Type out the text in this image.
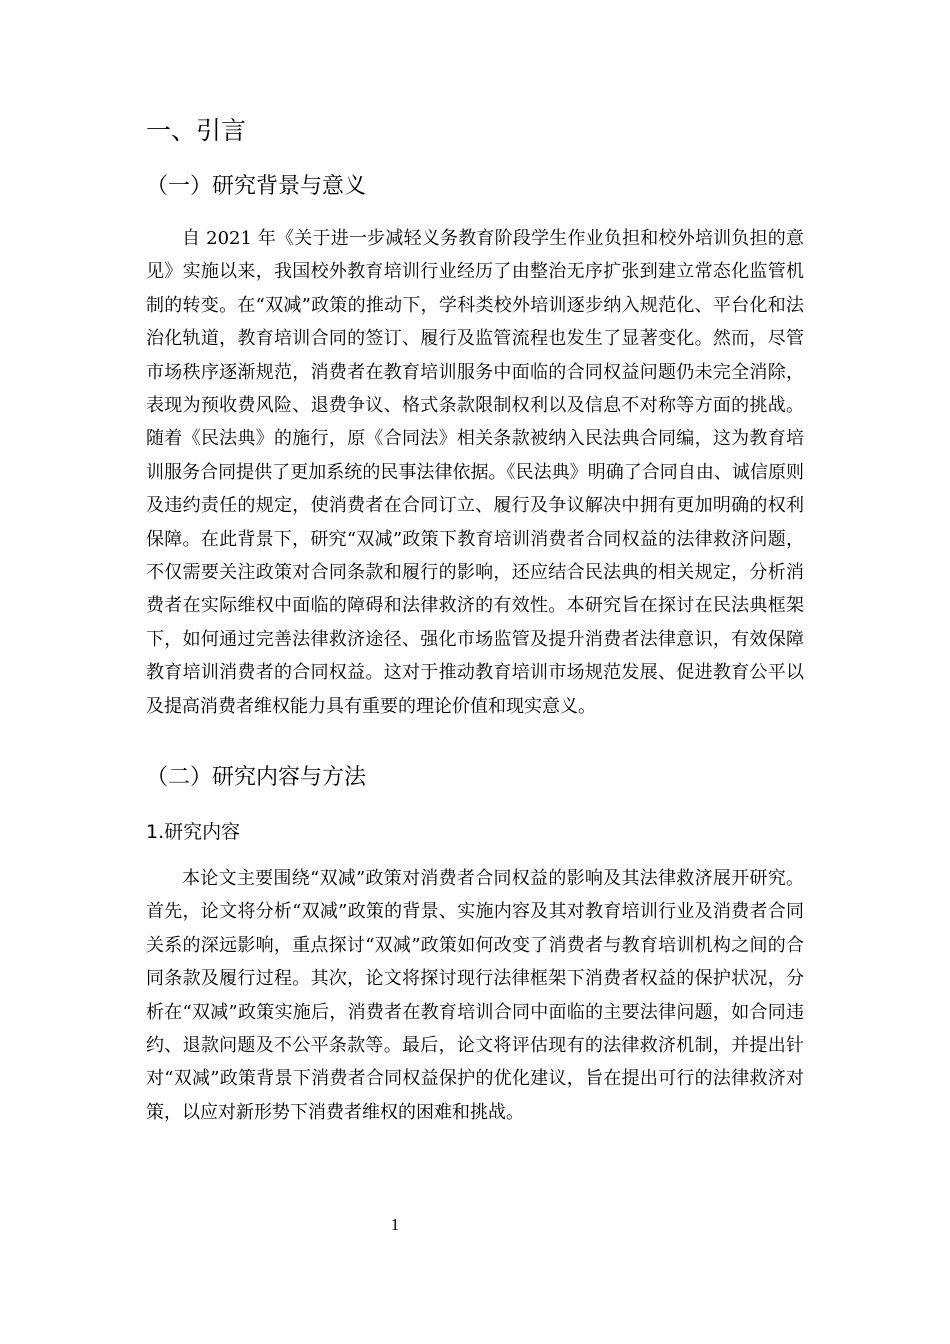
一、引言
（一）研究背景与意义

自 2021 年《关于进一步减轻义务教育阶段学生作业负担和校外培训负担的意见》实施以来，我国校外教育培训行业经历了由整治无序扩张到建立常态化监管机制的转变。在“双减”政策的推动下，学科类校外培训逐步纳入规范化、平台化和法治化轨道，教育培训合同的签订、履行及监管流程也发生了显著变化。然而，尽管市场秩序逐渐规范，消费者在教育培训服务中面临的合同权益问题仍未完全消除，表现为预收费风险、退费争议、格式条款限制权利以及信息不对称等方面的挑战。随着《民法典》的施行，原《合同法》相关条款被纳入民法典合同编，这为教育培训服务合同提供了更加系统的民事法律依据。《民法典》明确了合同自由、诚信原则及违约责任的规定，使消费者在合同订立、履行及争议解决中拥有更加明确的权利保障。在此背景下，研究“双减”政策下教育培训消费者合同权益的法律救济问题，不仅需要关注政策对合同条款和履行的影响，还应结合民法典的相关规定，分析消费者在实际维权中面临的障碍和法律救济的有效性。本研究旨在探讨在民法典框架下，如何通过完善法律救济途径、强化市场监管及提升消费者法律意识，有效保障教育培训消费者的合同权益。这对于推动教育培训市场规范发展、促进教育公平以及提高消费者维权能力具有重要的理论价值和现实意义。

（二）研究内容与方法
1.研究内容

本论文主要围绕“双减”政策对消费者合同权益的影响及其法律救济展开研究。首先，论文将分析“双减”政策的背景、实施内容及其对教育培训行业及消费者合同关系的深远影响，重点探讨“双减”政策如何改变了消费者与教育培训机构之间的合同条款及履行过程。其次，论文将探讨现行法律框架下消费者权益的保护状况，分析在“双减”政策实施后，消费者在教育培训合同中面临的主要法律问题，如合同违约、退款问题及不公平条款等。最后，论文将评估现有的法律救济机制，并提出针对“双减”政策背景下消费者合同权益保护的优化建议，旨在提出可行的法律救济对策，以应对新形势下消费者维权的困难和挑战。

1
